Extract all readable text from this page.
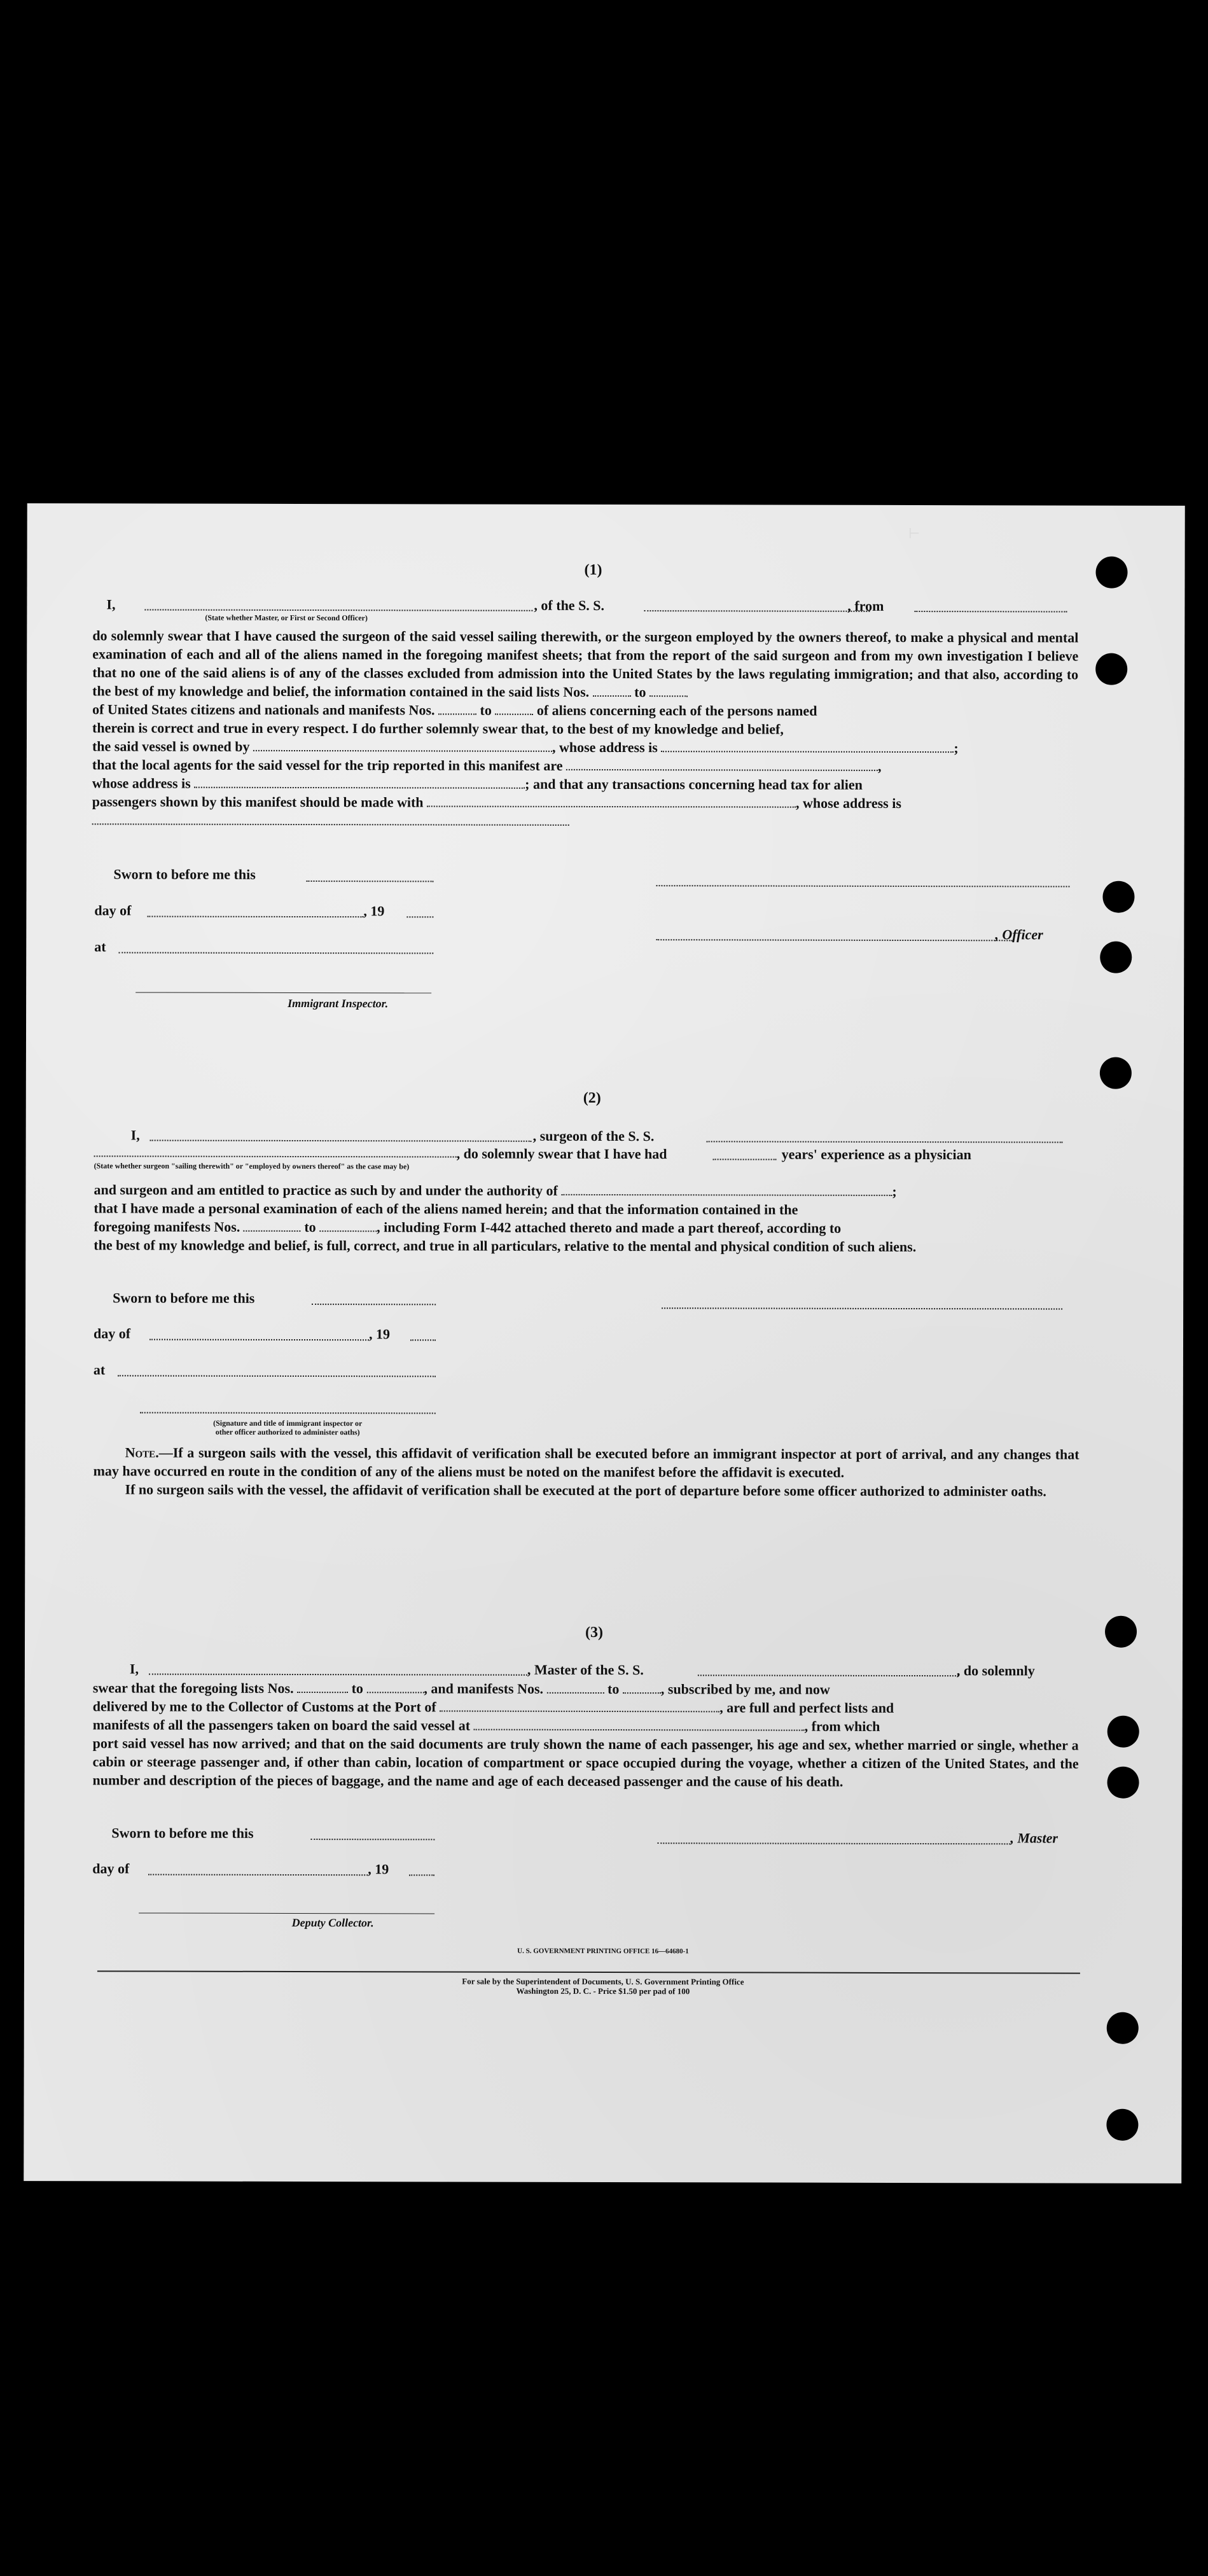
⊢
(1)
I,
(State whether Master, or First or Second Officer)
, of the S. S.	, from
do solemnly swear that I have caused the surgeon of the said vessel sailing therewith, or the surgeon employed by the owners thereof, to make a physical and mental examination of each and all of the aliens named in the foregoing manifest sheets; that from the report of the said surgeon and from my own investigation I believe that no one of the said aliens is of any of the classes excluded from admission into the United States by the laws regulating immigration; and that also, according to the best of my knowledge and belief, the information contained in the said lists Nos.	to
of United States citizens and nationals and manifests Nos.	to	of aliens concerning each of the persons named
therein is correct and true in every respect. I do further solemnly swear that, to the best of my knowledge and belief,
the said vessel is owned by	, whose address is	;
that the local agents for the said vessel for the trip reported in this manifest are	,
whose address is	; and that any transactions concerning head tax for alien
passengers shown by this manifest should be made with	, whose address is

Sworn to before me this
day of	, 19
, Officer
at
Immigrant Inspector.
(2)
I,	, surgeon of the S. S.
, do solemnly swear that I have had	years' experience as a physician
(State whether surgeon "sailing therewith" or "employed by owners thereof" as the case may be)
and surgeon and am entitled to practice as such by and under the authority of	;
that I have made a personal examination of each of the aliens named herein; and that the information contained in the
foregoing manifests Nos.	to	, including Form I-442 attached thereto and made a part thereof, according to
the best of my knowledge and belief, is full, correct, and true in all particulars, relative to the mental and physical condition of such aliens.
Sworn to before me this
day of	, 19
at
(Signature and title of immigrant inspector or
other officer authorized to administer oaths)
Note.—If a surgeon sails with the vessel, this affidavit of verification shall be executed before an immigrant inspector at port of arrival, and any changes that may have occurred en route in the condition of any of the aliens must be noted on the manifest before the affidavit is executed.
If no surgeon sails with the vessel, the affidavit of verification shall be executed at the port of departure before some officer authorized to administer oaths.
(3)
I,	, Master of the S. S.	, do solemnly
swear that the foregoing lists Nos.	to	, and manifests Nos.	to	, subscribed by me, and now
delivered by me to the Collector of Customs at the Port of	, are full and perfect lists and
manifests of all the passengers taken on board the said vessel at	, from which
port said vessel has now arrived; and that on the said documents are truly shown the name of each passenger, his age and sex, whether married or single, whether a cabin or steerage passenger and, if other than cabin, location of compartment or space occupied during the voyage, whether a citizen of the United States, and the number and description of the pieces of baggage, and the name and age of each deceased passenger and the cause of his death.
Sworn to before me this	, Master
day of	, 19
Deputy Collector.
U. S. GOVERNMENT PRINTING OFFICE 16—64680-1
For sale by the Superintendent of Documents, U. S. Government Printing Office
Washington 25, D. C. - Price $1.50 per pad of 100
